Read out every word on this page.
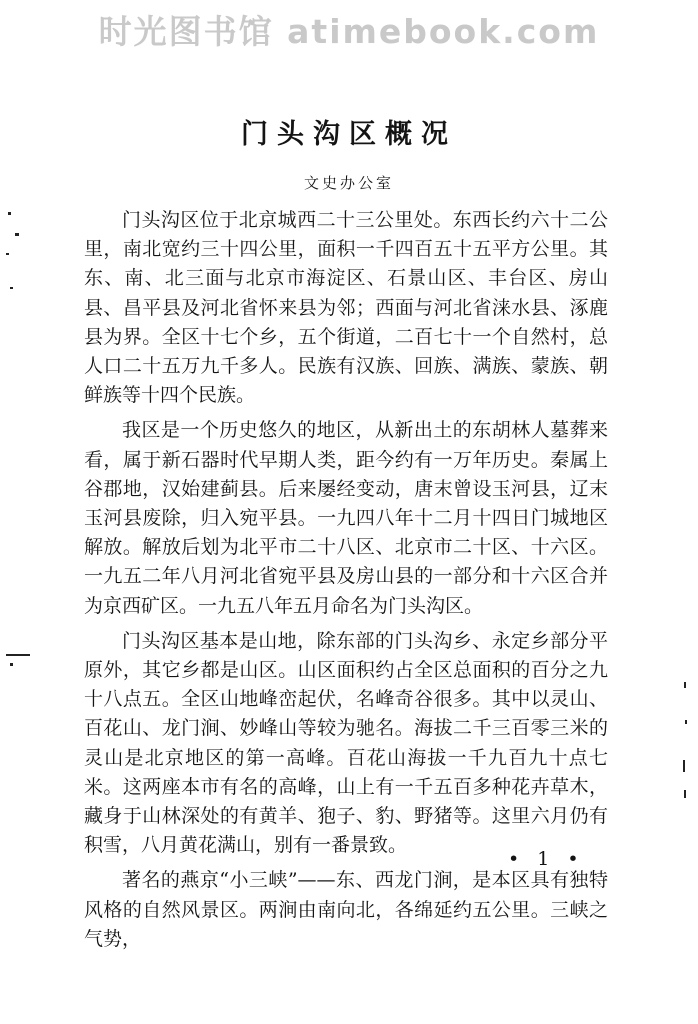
时光图书馆 atimebook.com
门头沟区概况
文史办公室

门头沟区位于北京城西二十三公里处。东西长约六十二公里，南北宽约三十四公里，面积一千四百五十五平方公里。其东、南、北三面与北京市海淀区、石景山区、丰台区、房山县、昌平县及河北省怀来县为邻；西面与河北省涞水县、涿鹿县为界。全区十七个乡，五个街道，二百七十一个自然村，总人口二十五万九千多人。民族有汉族、回族、满族、蒙族、朝鲜族等十四个民族。

我区是一个历史悠久的地区，从新出土的东胡林人墓葬来看，属于新石器时代早期人类，距今约有一万年历史。秦属上谷郡地，汉始建蓟县。后来屡经变动，唐末曾设玉河县，辽末玉河县废除，归入宛平县。一九四八年十二月十四日门城地区解放。解放后划为北平市二十八区、北京市二十区、十六区。一九五二年八月河北省宛平县及房山县的一部分和十六区合并为京西矿区。一九五八年五月命名为门头沟区。

门头沟区基本是山地，除东部的门头沟乡、永定乡部分平原外，其它乡都是山区。山区面积约占全区总面积的百分之九十八点五。全区山地峰峦起伏，名峰奇谷很多。其中以灵山、百花山、龙门涧、妙峰山等较为驰名。海拔二千三百零三米的灵山是北京地区的第一高峰。百花山海拔一千九百九十点七米。这两座本市有名的高峰，山上有一千五百多种花卉草木，藏身于山林深处的有黄羊、狍子、豹、野猪等。这里六月仍有积雪，八月黄花满山，别有一番景致。

著名的燕京“小三峡”——东、西龙门涧，是本区具有独特风格的自然风景区。两涧由南向北，各绵延约五公里。三峡之气势，

• 1 •
